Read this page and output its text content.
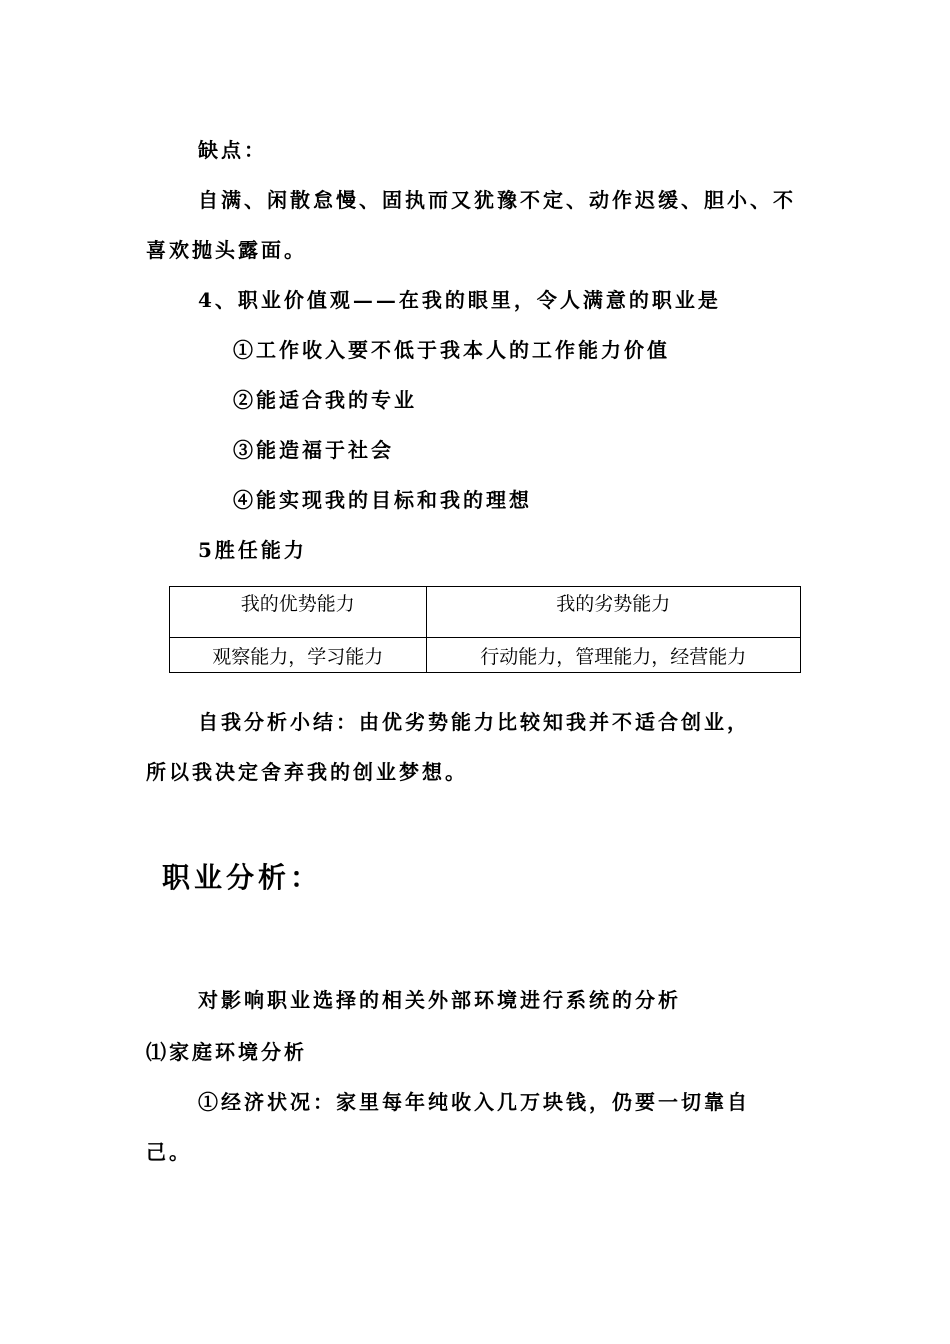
缺点：
自满、闲散怠慢、固执而又犹豫不定、动作迟缓、胆小、不
喜欢抛头露面。
4、职业价值观——在我的眼里，令人满意的职业是
①工作收入要不低于我本人的工作能力价值
②能适合我的专业
③能造福于社会
④能实现我的目标和我的理想
5胜任能力
我的优势能力	我的劣势能力
观察能力，学习能力	行动能力，管理能力，经营能力
自我分析小结：由优劣势能力比较知我并不适合创业，
所以我决定舍弃我的创业梦想。
职业分析：
对影响职业选择的相关外部环境进行系统的分析
⑴家庭环境分析
①经济状况：家里每年纯收入几万块钱，仍要一切靠自
己。
